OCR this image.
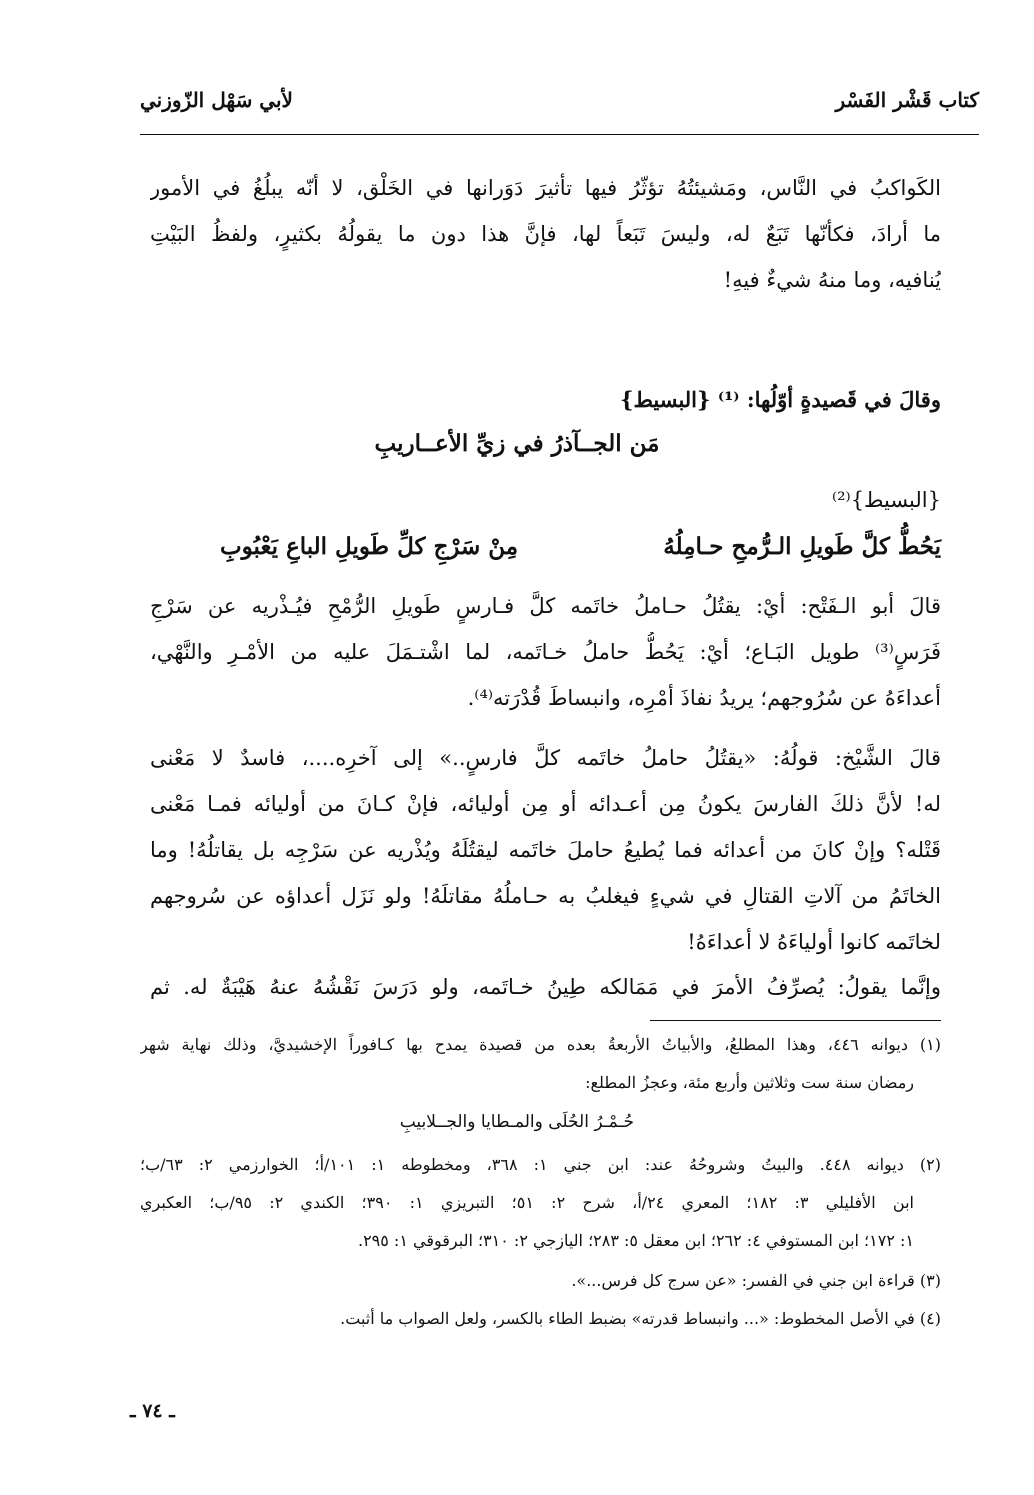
كتاب قَشْر الفَسْر
لأبي سَهْل الزّوزني
الكَواكبُ في النَّاس، ومَشيئتُهُ تؤثّرُ فيها تأثيرَ دَوَرانها في الخَلْق، لا أنّه يبلُغُ في الأمور
ما أرادَ، فكأنّها تَبَعٌ له، وليسَ تَبَعاً لها، فإنَّ هذا دون ما يقولُهُ بكثيرٍ، ولفظُ البَيْتِ
يُنافيه، وما منهُ شيءٌ فيهِ!
وقالَ في قَصيدةٍ أوّلُها: ⁽¹⁾ {البسيط}
مَن الجــآذرُ في زيِّ الأعــاريبِ
{البسيط}⁽²⁾
يَحُطُّ كلَّ طَويلِ الـرُّمحِ حـامِلُهُ
مِنْ سَرْجِ كلِّ طَويلِ الباعِ يَعْبُوبِ
قالَ أبو الـفَتْح: أيْ: يقتُلُ حـاملُ خاتَمه كلَّ فـارسٍ طَويلِ الرُّمْحِ فيُـذْريه عن سَرْجِ
فَرَسٍ⁽³⁾ طويل البَـاع؛ أيْ: يَحُطُّ حاملُ خـاتَمه، لما اشْتـمَلَ عليه من الأمْـرِ والنَّهْي،
أعداءَهُ عن سُرُوجهم؛ يريدُ نفاذَ أمْرِه، وانبساطَ قُدْرَته⁽⁴⁾.
قالَ الشَّيْخ: قولُهُ: «يقتُلُ حاملُ خاتَمه كلَّ فارسٍ..» إلى آخرِه....، فاسدٌ لا مَعْنى
له! لأنَّ ذلكَ الفارسَ يكونُ مِن أعـدائه أو مِن أوليائه، فإنْ كـانَ من أوليائه فمـا مَعْنى
قَتْله؟ وإنْ كانَ من أعدائه فما يُطيعُ حاملَ خاتَمه ليقتُلَهُ ويُذْريه عن سَرْجِه بل يقاتلُهُ! وما
الخاتَمُ من آلاتِ القتالِ في شيءٍ فيغلبُ به حـاملُهُ مقاتلَهُ! ولو نَزَل أعداؤه عن سُروجهم
لخاتَمه كانوا أولياءَهُ لا أعداءَهُ!
وإنَّما يقولُ: يُصرِّفُ الأمرَ في مَمَالكه طِينُ خـاتَمه، ولو دَرَسَ نَقْشُهُ عنهُ هَيْبَةٌ له. ثم
(١) ديوانه ٤٤٦، وهذا المطلعُ، والأبياتُ الأربعةُ بعده من قصيدة يمدح بها كـافوراً الإخشيديَّ، وذلك نهاية شهر
رمضان سنة ست وثلاثين وأربع مئة، وعجزُ المطلع:
حُـمْـرُ الحُلَى والمـطايا والجــلابيبِ
(٢) ديوانه ٤٤٨. والبيتُ وشروحُهُ عند: ابن جني ١: ٣٦٨، ومخطوطه ١: ١٠١/أ؛ الخوارزمي ٢: ٦٣/ب؛
ابن الأفليلي ٣: ١٨٢؛ المعري ٢٤/أ، شرح ٢: ٥١؛ التبريزي ١: ٣٩٠؛ الكندي ٢: ٩٥/ب؛ العكبري
١: ١٧٢؛ ابن المستوفي ٤: ٢٦٢؛ ابن معقل ٥: ٢٨٣؛ اليازجي ٢: ٣١٠؛ البرقوقي ١: ٢٩٥.
(٣) قراءة ابن جني في الفسر: «عن سرج كل فرس...».
(٤) في الأصل المخطوط: «... وانبساط قدرته» بضبط الطاء بالكسر، ولعل الصواب ما أثبت.
ـ ٧٤ ـ
